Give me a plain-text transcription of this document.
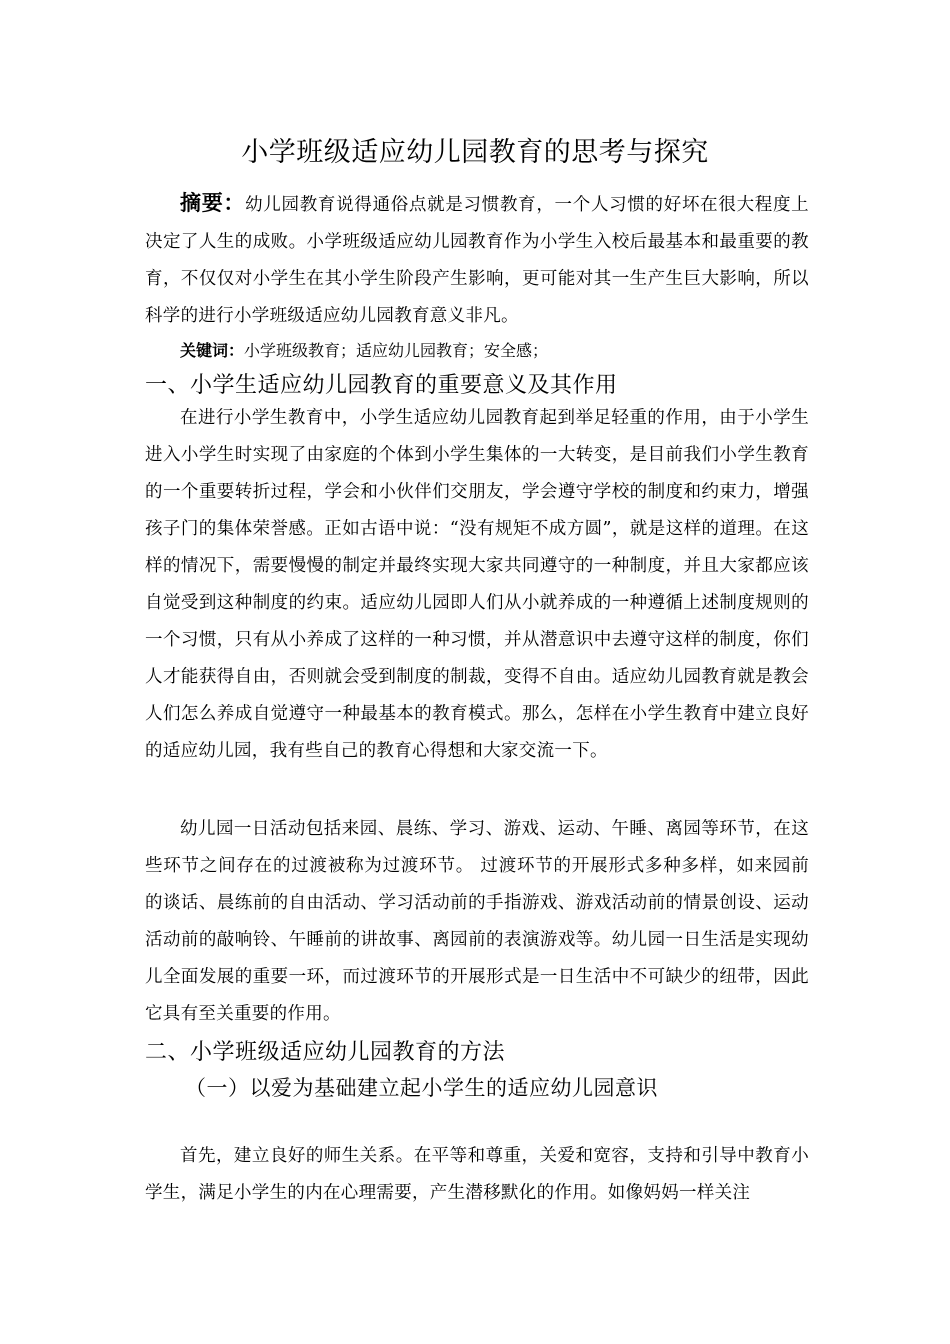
小学班级适应幼儿园教育的思考与探究

摘要：幼儿园教育说得通俗点就是习惯教育，一个人习惯的好坏在很大程度上决定了人生的成败。小学班级适应幼儿园教育作为小学生入校后最基本和最重要的教育，不仅仅对小学生在其小学生阶段产生影响，更可能对其一生产生巨大影响，所以科学的进行小学班级适应幼儿园教育意义非凡。

关键词：小学班级教育；适应幼儿园教育；安全感；
一、小学生适应幼儿园教育的重要意义及其作用

在进行小学生教育中，小学生适应幼儿园教育起到举足轻重的作用，由于小学生进入小学生时实现了由家庭的个体到小学生集体的一大转变，是目前我们小学生教育的一个重要转折过程，学会和小伙伴们交朋友，学会遵守学校的制度和约束力，增强孩子门的集体荣誉感。正如古语中说：“没有规矩不成方圆”，就是这样的道理。在这样的情况下，需要慢慢的制定并最终实现大家共同遵守的一种制度，并且大家都应该自觉受到这种制度的约束。适应幼儿园即人们从小就养成的一种遵循上述制度规则的一个习惯，只有从小养成了这样的一种习惯，并从潜意识中去遵守这样的制度，你们人才能获得自由，否则就会受到制度的制裁，变得不自由。适应幼儿园教育就是教会人们怎么养成自觉遵守一种最基本的教育模式。那么，怎样在小学生教育中建立良好的适应幼儿园，我有些自己的教育心得想和大家交流一下。

幼儿园一日活动包括来园、晨练、学习、游戏、运动、午睡、离园等环节，在这些环节之间存在的过渡被称为过渡环节。 过渡环节的开展形式多种多样，如来园前的谈话、晨练前的自由活动、学习活动前的手指游戏、游戏活动前的情景创设、运动活动前的敲响铃、午睡前的讲故事、离园前的表演游戏等。幼儿园一日生活是实现幼儿全面发展的重要一环，而过渡环节的开展形式是一日生活中不可缺少的纽带，因此它具有至关重要的作用。

二、小学班级适应幼儿园教育的方法
（一）以爱为基础建立起小学生的适应幼儿园意识

首先，建立良好的师生关系。在平等和尊重，关爱和宽容，支持和引导中教育小学生，满足小学生的内在心理需要，产生潜移默化的作用。如像妈妈一样关注
